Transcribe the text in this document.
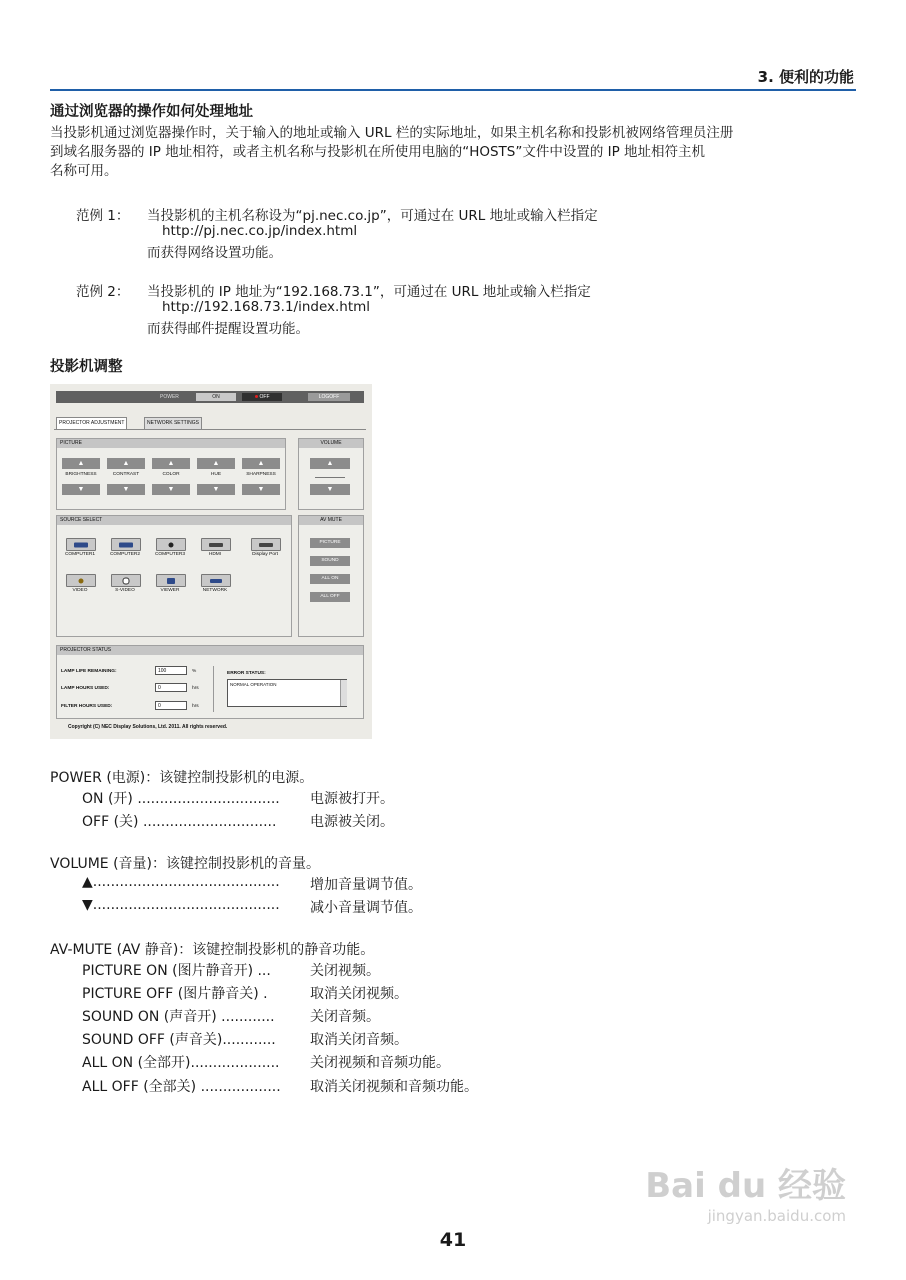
3. 便利的功能
通过浏览器的操作如何处理地址
当投影机通过浏览器操作时，关于输入的地址或输入 URL 栏的实际地址，如果主机名称和投影机被网络管理员注册
到域名服务器的 IP 地址相符，或者主机名称与投影机在所使用电脑的“HOSTS”文件中设置的 IP 地址相符主机
名称可用。
范例 1： 当投影机的主机名称设为“pj.nec.co.jp”，可通过在 URL 地址或输入栏指定
http://pj.nec.co.jp/index.html
而获得网络设置功能。
范例 2： 当投影机的 IP 地址为“192.168.73.1”，可通过在 URL 地址或输入栏指定
http://192.168.73.1/index.html
而获得邮件提醒设置功能。
投影机调整
POWER	ON	OFF	LOGOFF
PROJECTOR ADJUSTMENT	NETWORK SETTINGS
PICTURE
▲
BRIGHTNESS
▼
▲
CONTRAST
▼
▲
COLOR
▼
▲
HUE
▼
▲
SHARPNESS
▼
VOLUME
▲
▼
SOURCE SELECT
COMPUTER1	COMPUTER2	COMPUTER3	HDMI	Display Port
VIDEO	S-VIDEO	VIEWER	NETWORK
AV MUTE
PICTURE
SOUND
ALL ON
ALL OFF
PROJECTOR STATUS
LAMP LIFE REMAINING:	100	%
LAMP HOURS USED:	0	hrs
FILTER HOURS USED:	0	hrs
ERROR STATUS:
NORMAL OPERATION
Copyright (C) NEC Display Solutions, Ltd. 2011. All rights reserved.
POWER (电源)：该键控制投影机的电源。
ON (开) ................................ 电源被打开。
OFF (关) .............................. 电源被关闭。
VOLUME (音量)：该键控制投影机的音量。
▲.......................................... 增加音量调节值。
▼.......................................... 减小音量调节值。
AV-MUTE (AV 静音)：该键控制投影机的静音功能。
PICTURE ON (图片静音开) ...	关闭视频。
PICTURE OFF (图片静音关) .	取消关闭视频。
SOUND ON (声音开) ............	关闭音频。
SOUND OFF (声音关)............ 取消关闭音频。
ALL ON (全部开).................... 关闭视频和音频功能。
ALL OFF (全部关) .................. 取消关闭视频和音频功能。
Bai du 经验
jingyan.baidu.com
41
